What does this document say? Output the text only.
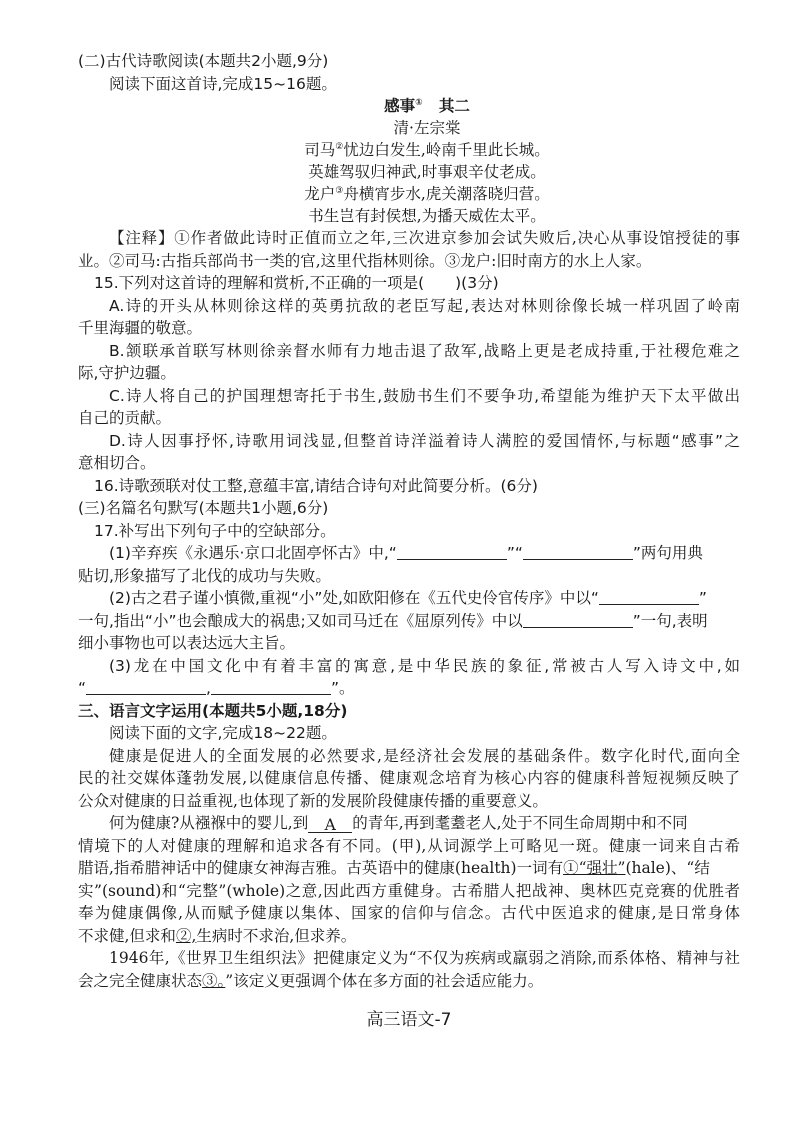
(二)古代诗歌阅读(本题共2小题,9分)
阅读下面这首诗,完成15~16题。
感事① 其二
清·左宗棠
司马②忧边白发生,岭南千里此长城。
英雄驾驭归神武,时事艰辛仗老成。
龙户③舟横宵步水,虎关潮落晓归营。
书生岂有封侯想,为播天威佐太平。
【注释】①作者做此诗时正值而立之年,三次进京参加会试失败后,决心从事设馆授徒的事
业。②司马:古指兵部尚书一类的官,这里代指林则徐。③龙户:旧时南方的水上人家。
15.下列对这首诗的理解和赏析,不正确的一项是(　　)(3分)
A.诗的开头从林则徐这样的英勇抗敌的老臣写起,表达对林则徐像长城一样巩固了岭南
千里海疆的敬意。
B.颔联承首联写林则徐亲督水师有力地击退了敌军,战略上更是老成持重,于社稷危难之
际,守护边疆。
C.诗人将自己的护国理想寄托于书生,鼓励书生们不要争功,希望能为维护天下太平做出
自己的贡献。
D.诗人因事抒怀,诗歌用词浅显,但整首诗洋溢着诗人满腔的爱国情怀,与标题“感事”之
意相切合。
16.诗歌颈联对仗工整,意蕴丰富,请结合诗句对此简要分析。(6分)
(三)名篇名句默写(本题共1小题,6分)
17.补写出下列句子中的空缺部分。
(1)辛弃疾《永遇乐·京口北固亭怀古》中,“	”“	”两句用典
贴切,形象描写了北伐的成功与失败。
(2)古之君子谨小慎微,重视“小”处,如欧阳修在《五代史伶官传序》中以“	”
一句,指出“小”也会酿成大的祸患;又如司马迁在《屈原列传》中以	”一句,表明
细小事物也可以表达远大主旨。
(3)龙在中国文化中有着丰富的寓意,是中华民族的象征,常被古人写入诗文中,如
“	,	”。
三、语言文字运用(本题共5小题,18分)
阅读下面的文字,完成18~22题。
健康是促进人的全面发展的必然要求,是经济社会发展的基础条件。数字化时代,面向全
民的社交媒体蓬勃发展,以健康信息传播、健康观念培育为核心内容的健康科普短视频反映了
公众对健康的日益重视,也体现了新的发展阶段健康传播的重要意义。
何为健康?从襁褓中的婴儿,到 A 的青年,再到耄耋老人,处于不同生命周期中和不同
情境下的人对健康的理解和追求各有不同。(甲),从词源学上可略见一斑。健康一词来自古希
腊语,指希腊神话中的健康女神海吉雅。古英语中的健康(health)一词有①“强壮”(hale)、“结
实”(sound)和“完整”(whole)之意,因此西方重健身。古希腊人把战神、奥林匹克竞赛的优胜者
奉为健康偶像,从而赋予健康以集体、国家的信仰与信念。古代中医追求的健康,是日常身体
不求健,但求和②,生病时不求治,但求养。
1946年,《世界卫生组织法》把健康定义为“不仅为疾病或羸弱之消除,而系体格、精神与社
会之完全健康状态③。”该定义更强调个体在多方面的社会适应能力。
高三语文-7
